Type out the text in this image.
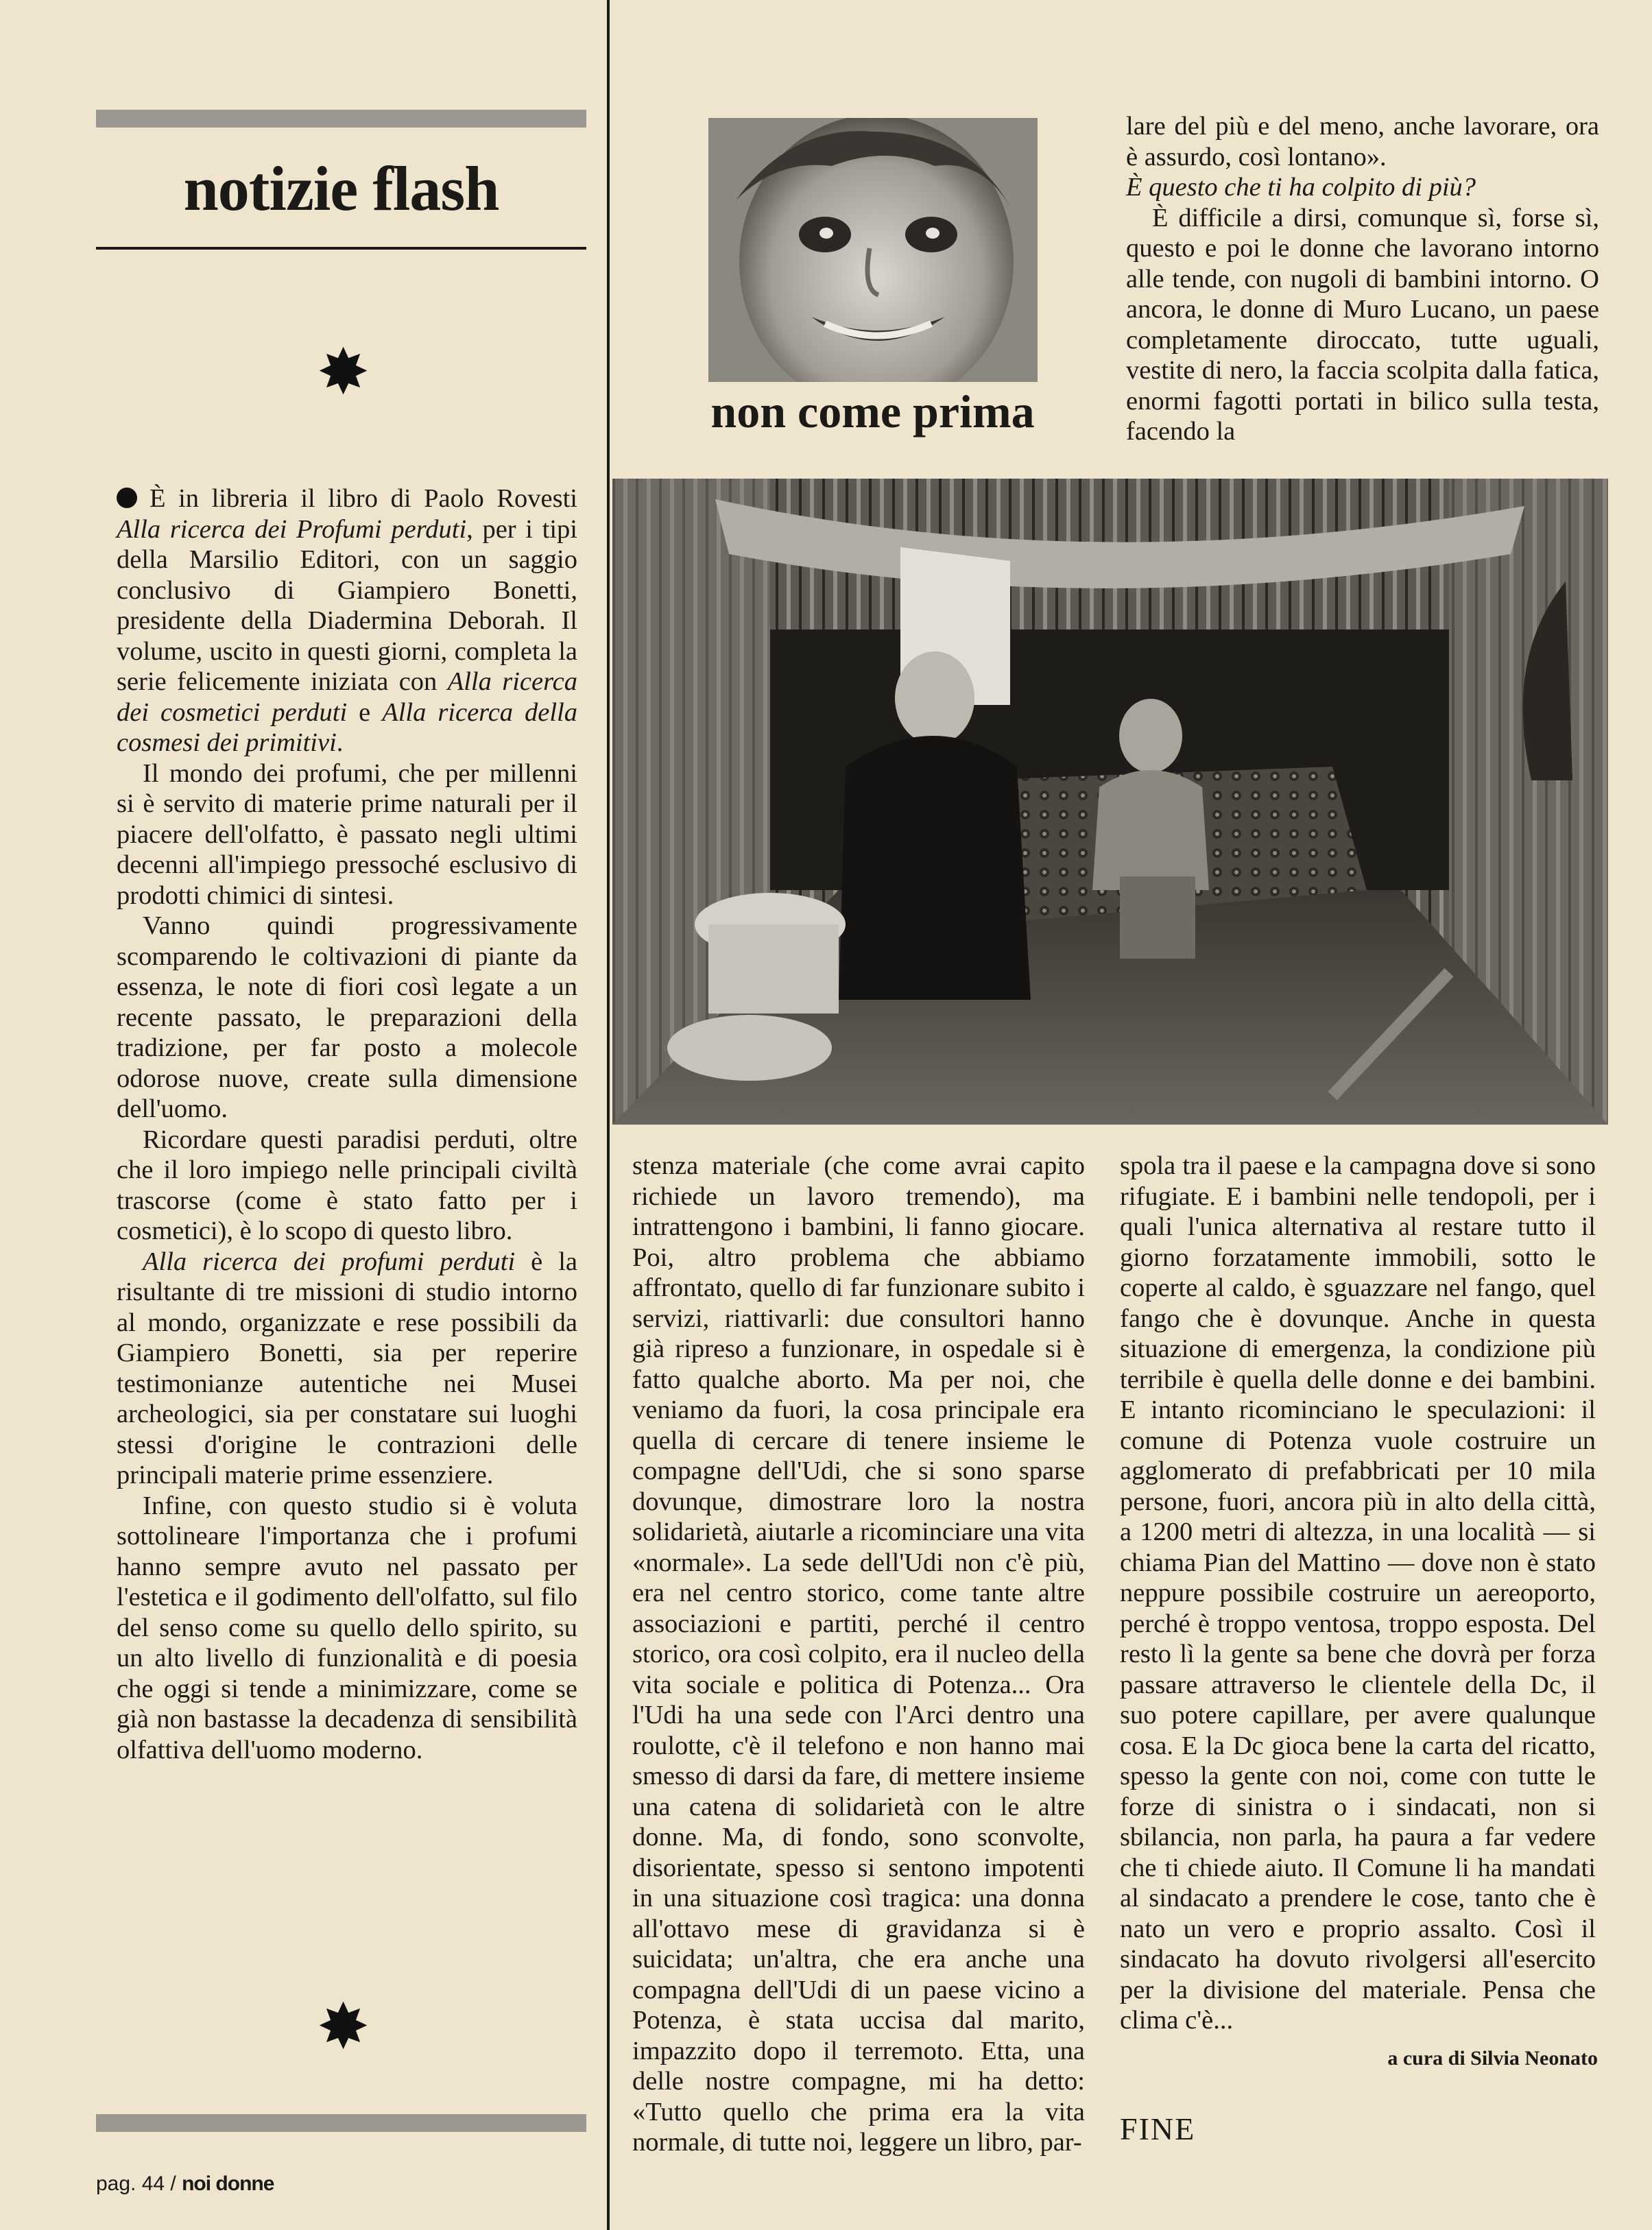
notizie flash
✸

È in libreria il libro di Paolo Rovesti Alla ricerca dei Profumi perduti, per i tipi della Marsilio Editori, con un saggio conclusivo di Giampiero Bonetti, presidente della Diadermina Deborah. Il volume, uscito in questi giorni, completa la serie felicemente iniziata con Alla ricerca dei cosmetici perduti e Alla ricerca della cosmesi dei primitivi.

Il mondo dei profumi, che per millenni si è servito di materie prime naturali per il piacere dell'olfatto, è passato negli ultimi decenni all'impiego pressoché esclusivo di prodotti chimici di sintesi.

Vanno quindi progressivamente scomparendo le coltivazioni di piante da essenza, le note di fiori così legate a un recente passato, le preparazioni della tradizione, per far posto a molecole odorose nuove, create sulla dimensione dell'uomo.

Ricordare questi paradisi perduti, oltre che il loro impiego nelle principali civiltà trascorse (come è stato fatto per i cosmetici), è lo scopo di questo libro.

Alla ricerca dei profumi perduti è la risultante di tre missioni di studio intorno al mondo, organizzate e rese possibili da Giampiero Bonetti, sia per reperire testimonianze autentiche nei Musei archeologici, sia per constatare sui luoghi stessi d'origine le contrazioni delle principali materie prime essenziere.

Infine, con questo studio si è voluta sottolineare l'importanza che i profumi hanno sempre avuto nel passato per l'estetica e il godimento dell'olfatto, sul filo del senso come su quello dello spirito, su un alto livello di funzionalità e di poesia che oggi si tende a minimizzare, come se già non bastasse la decadenza di sensibilità olfattiva dell'uomo moderno.

✸
pag. 44 / noi donne
non come prima

lare del più e del meno, anche lavorare, ora è assurdo, così lontano».

È questo che ti ha colpito di più?

È difficile a dirsi, comunque sì, forse sì, questo e poi le donne che lavorano intorno alle tende, con nugoli di bambini intorno. O ancora, le donne di Muro Lucano, un paese completamente diroccato, tutte uguali, vestite di nero, la faccia scolpita dalla fatica, enormi fagotti portati in bilico sulla testa, facendo la

stenza materiale (che come avrai capito richiede un lavoro tremendo), ma intrattengono i bambini, li fanno giocare. Poi, altro problema che abbiamo affrontato, quello di far funzionare subito i servizi, riattivarli: due consultori hanno già ripreso a funzionare, in ospedale si è fatto qualche aborto. Ma per noi, che veniamo da fuori, la cosa principale era quella di cercare di tenere insieme le compagne dell'Udi, che si sono sparse dovunque, dimostrare loro la nostra solidarietà, aiutarle a ricominciare una vita «normale». La sede dell'Udi non c'è più, era nel centro storico, come tante altre associazioni e partiti, perché il centro storico, ora così colpito, era il nucleo della vita sociale e politica di Potenza... Ora l'Udi ha una sede con l'Arci dentro una roulotte, c'è il telefono e non hanno mai smesso di darsi da fare, di mettere insieme una catena di solidarietà con le altre donne. Ma, di fondo, sono sconvolte, disorientate, spesso si sentono impotenti in una situazione così tragica: una donna all'ottavo mese di gravidanza si è suicidata; un'altra, che era anche una compagna dell'Udi di un paese vicino a Potenza, è stata uccisa dal marito, impazzito dopo il terremoto. Etta, una delle nostre compagne, mi ha detto: «Tutto quello che prima era la vita normale, di tutte noi, leggere un libro, par-

spola tra il paese e la campagna dove si sono rifugiate. E i bambini nelle tendopoli, per i quali l'unica alternativa al restare tutto il giorno forzatamente immobili, sotto le coperte al caldo, è sguazzare nel fango, quel fango che è dovunque. Anche in questa situazione di emergenza, la condizione più terribile è quella delle donne e dei bambini. E intanto ricominciano le speculazioni: il comune di Potenza vuole costruire un agglomerato di prefabbricati per 10 mila persone, fuori, ancora più in alto della città, a 1200 metri di altezza, in una località — si chiama Pian del Mattino — dove non è stato neppure possibile costruire un aereoporto, perché è troppo ventosa, troppo esposta. Del resto lì la gente sa bene che dovrà per forza passare attraverso le clientele della Dc, il suo potere capillare, per avere qualunque cosa. E la Dc gioca bene la carta del ricatto, spesso la gente con noi, come con tutte le forze di sinistra o i sindacati, non si sbilancia, non parla, ha paura a far vedere che ti chiede aiuto. Il Comune li ha mandati al sindacato a prendere le cose, tanto che è nato un vero e proprio assalto. Così il sindacato ha dovuto rivolgersi all'esercito per la divisione del materiale. Pensa che clima c'è...

a cura di Silvia Neonato
FINE
